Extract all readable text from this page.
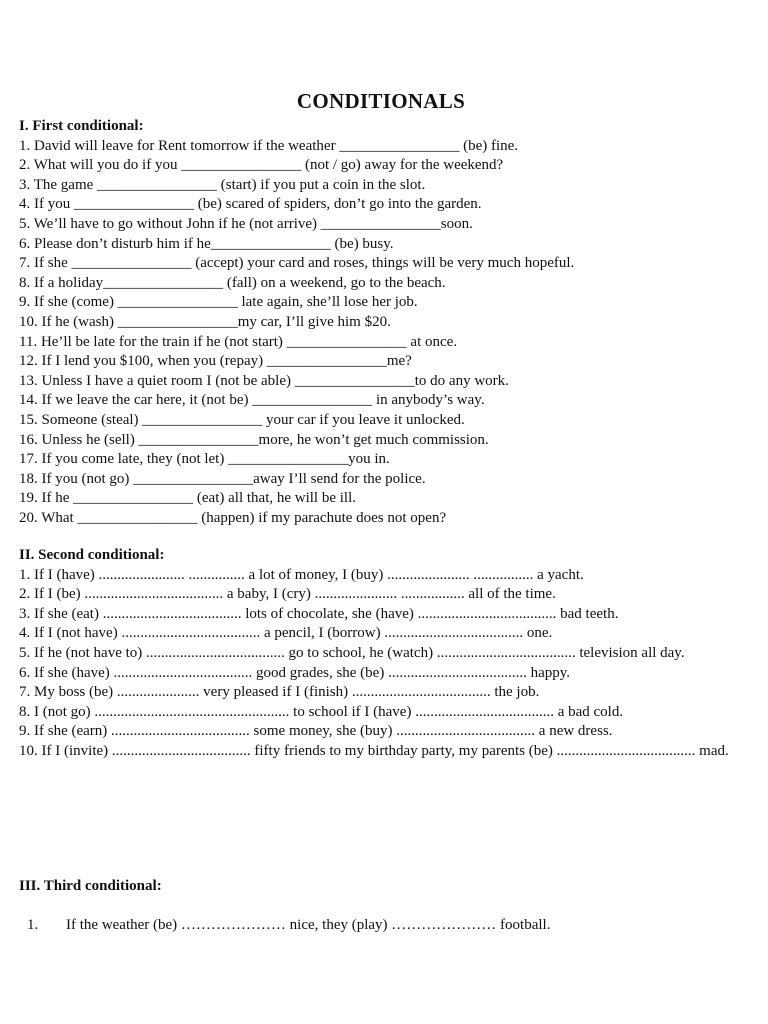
CONDITIONALS
I. First conditional:
1. David will leave for Rent tomorrow if the weather ________________ (be) fine.
2. What will you do if you ________________ (not / go) away for the weekend?
3. The game ________________ (start) if you put a coin in the slot.
4. If you ________________ (be) scared of spiders, don’t go into the garden.
5. We’ll have to go without John if he (not arrive) ________________soon.
6. Please don’t disturb him if he________________ (be) busy.
7. If she ________________ (accept) your card and roses, things will be very much hopeful.
8. If a holiday________________ (fall) on a weekend, go to the beach.
9. If she (come) ________________ late again, she’ll lose her job.
10. If he (wash) ________________my car, I’ll give him $20.
11. He’ll be late for the train if he (not start) ________________ at once.
12. If I lend you $100, when you (repay) ________________me?
13. Unless I have a quiet room I (not be able) ________________to do any work.
14. If we leave the car here, it (not be) ________________ in anybody’s way.
15. Someone (steal) ________________ your car if you leave it unlocked.
16. Unless he (sell) ________________more, he won’t get much commission.
17. If you come late, they (not let) ________________you in.
18. If you (not go) ________________away I’ll send for the police.
19. If he ________________ (eat) all that, he will be ill.
20. What ________________ (happen) if my parachute does not open?
II. Second conditional:
1. If I (have) ....................... ............... a lot of money, I (buy) ...................... ................ a yacht.
2. If I (be) ..................................... a baby, I (cry) ...................... ................. all of the time.
3. If she (eat) ..................................... lots of chocolate, she (have) ..................................... bad teeth.
4. If I (not have) ..................................... a pencil, I (borrow) ..................................... one.
5. If he (not have to) ..................................... go to school, he (watch) ..................................... television all day.
6. If she (have) ..................................... good grades, she (be) ..................................... happy.
7. My boss (be) ...................... very pleased if I (finish) ..................................... the job.
8. I (not go) .................................................... to school if I (have) ..................................... a bad cold.
9. If she (earn) ..................................... some money, she (buy) ..................................... a new dress.
10. If I (invite) ..................................... fifty friends to my birthday party, my parents (be) ..................................... mad.
III. Third conditional:
1. If the weather (be) ………………… nice, they (play) ………………… football.
